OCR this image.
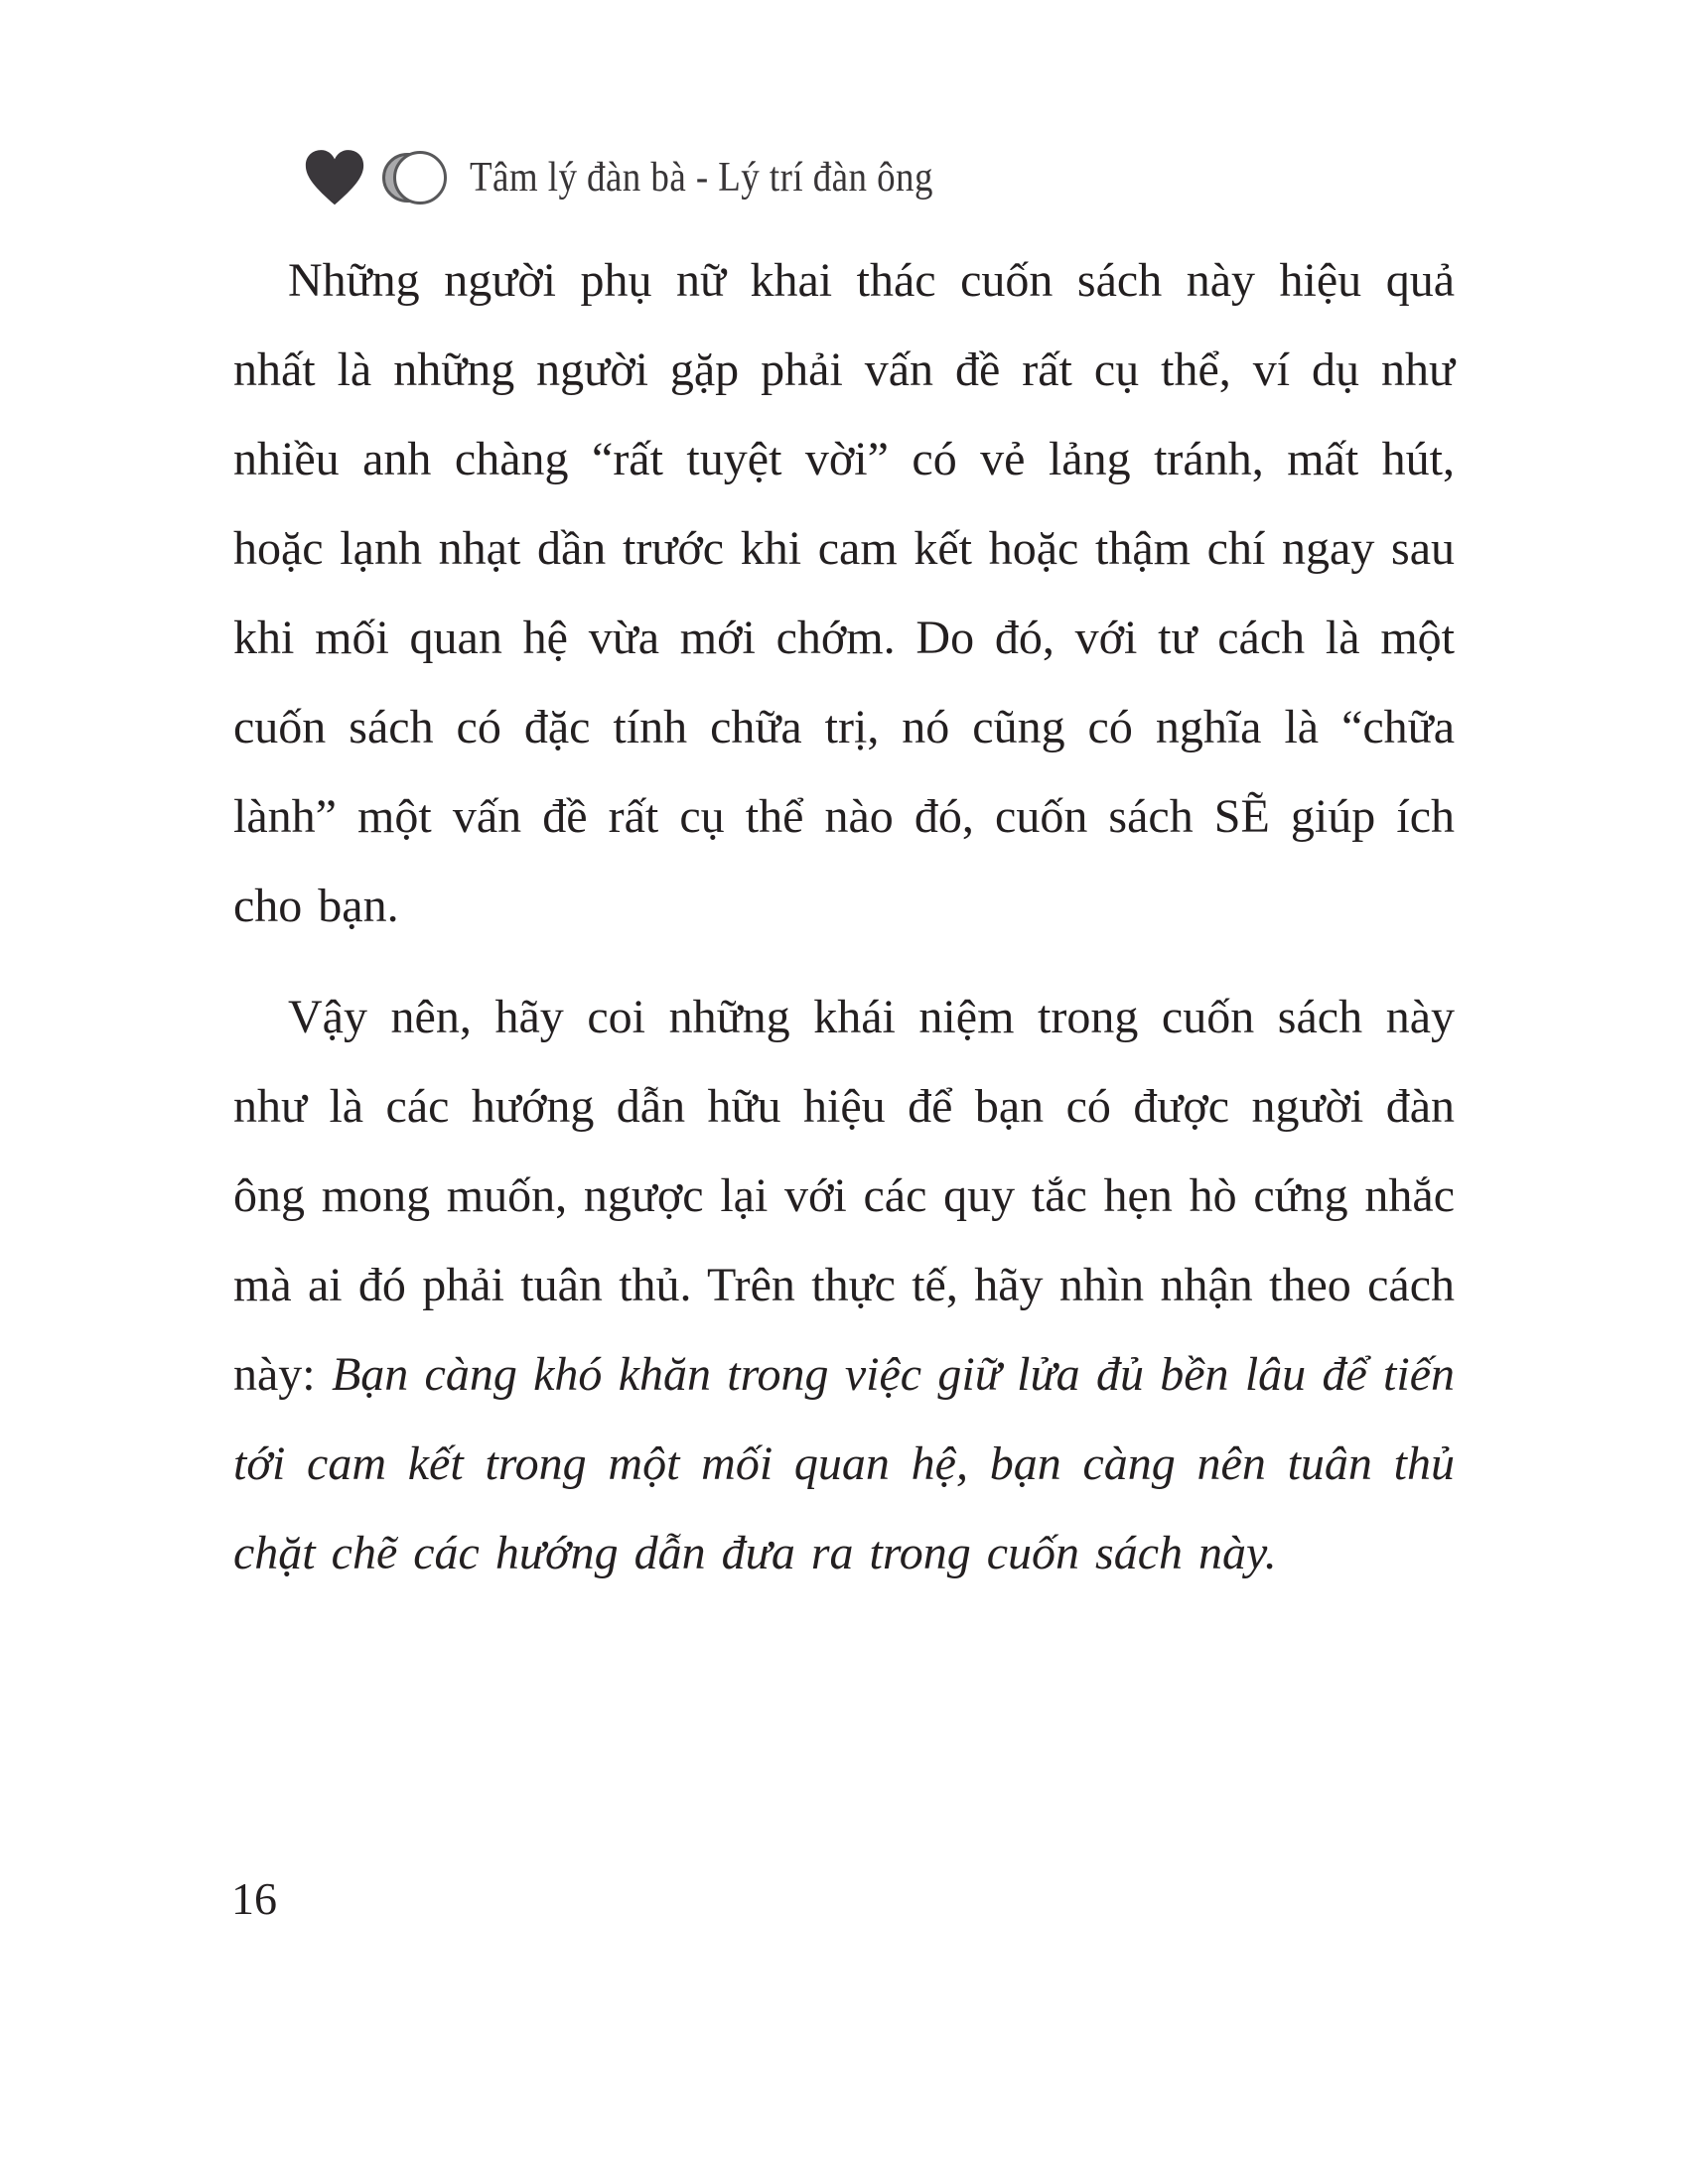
Tâm lý đàn bà - Lý trí đàn ông

Những người phụ nữ khai thác cuốn sách này hiệu quả nhất là những người gặp phải vấn đề rất cụ thể, ví dụ như nhiều anh chàng “rất tuyệt vời” có vẻ lảng tránh, mất hút, hoặc lạnh nhạt dần trước khi cam kết hoặc thậm chí ngay sau khi mối quan hệ vừa mới chớm. Do đó, với tư cách là một cuốn sách có đặc tính chữa trị, nó cũng có nghĩa là “chữa lành” một vấn đề rất cụ thể nào đó, cuốn sách SẼ giúp ích cho bạn.

Vậy nên, hãy coi những khái niệm trong cuốn sách này như là các hướng dẫn hữu hiệu để bạn có được người đàn ông mong muốn, ngược lại với các quy tắc hẹn hò cứng nhắc mà ai đó phải tuân thủ. Trên thực tế, hãy nhìn nhận theo cách này: Bạn càng khó khăn trong việc giữ lửa đủ bền lâu để tiến tới cam kết trong một mối quan hệ, bạn càng nên tuân thủ chặt chẽ các hướng dẫn đưa ra trong cuốn sách này.

16
